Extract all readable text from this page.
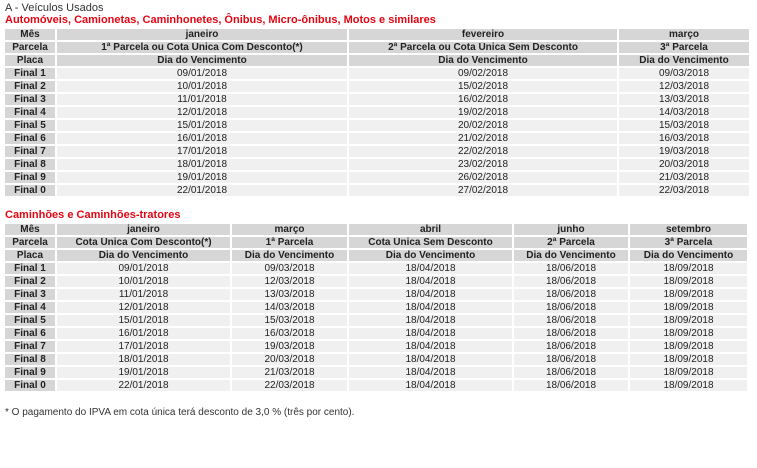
A - Veículos Usados
Automóveis, Camionetas, Caminhonetes, Ônibus, Micro-ônibus, Motos e similares
Mês	janeiro	fevereiro	março
Parcela	1ª Parcela ou Cota Única Com Desconto(*)	2ª Parcela ou Cota Única Sem Desconto	3ª Parcela
Placa	Dia do Vencimento	Dia do Vencimento	Dia do Vencimento
Final 1	09/01/2018	09/02/2018	09/03/2018
Final 2	10/01/2018	15/02/2018	12/03/2018
Final 3	11/01/2018	16/02/2018	13/03/2018
Final 4	12/01/2018	19/02/2018	14/03/2018
Final 5	15/01/2018	20/02/2018	15/03/2018
Final 6	16/01/2018	21/02/2018	16/03/2018
Final 7	17/01/2018	22/02/2018	19/03/2018
Final 8	18/01/2018	23/02/2018	20/03/2018
Final 9	19/01/2018	26/02/2018	21/03/2018
Final 0	22/01/2018	27/02/2018	22/03/2018
Caminhões e Caminhões-tratores
Mês	janeiro	março	abril	junho	setembro
Parcela	Cota Única Com Desconto(*)	1ª Parcela	Cota Única Sem Desconto	2ª Parcela	3ª Parcela
Placa	Dia do Vencimento	Dia do Vencimento	Dia do Vencimento	Dia do Vencimento	Dia do Vencimento
Final 1	09/01/2018	09/03/2018	18/04/2018	18/06/2018	18/09/2018
Final 2	10/01/2018	12/03/2018	18/04/2018	18/06/2018	18/09/2018
Final 3	11/01/2018	13/03/2018	18/04/2018	18/06/2018	18/09/2018
Final 4	12/01/2018	14/03/2018	18/04/2018	18/06/2018	18/09/2018
Final 5	15/01/2018	15/03/2018	18/04/2018	18/06/2018	18/09/2018
Final 6	16/01/2018	16/03/2018	18/04/2018	18/06/2018	18/09/2018
Final 7	17/01/2018	19/03/2018	18/04/2018	18/06/2018	18/09/2018
Final 8	18/01/2018	20/03/2018	18/04/2018	18/06/2018	18/09/2018
Final 9	19/01/2018	21/03/2018	18/04/2018	18/06/2018	18/09/2018
Final 0	22/01/2018	22/03/2018	18/04/2018	18/06/2018	18/09/2018
* O pagamento do IPVA em cota única terá desconto de 3,0 % (três por cento).
